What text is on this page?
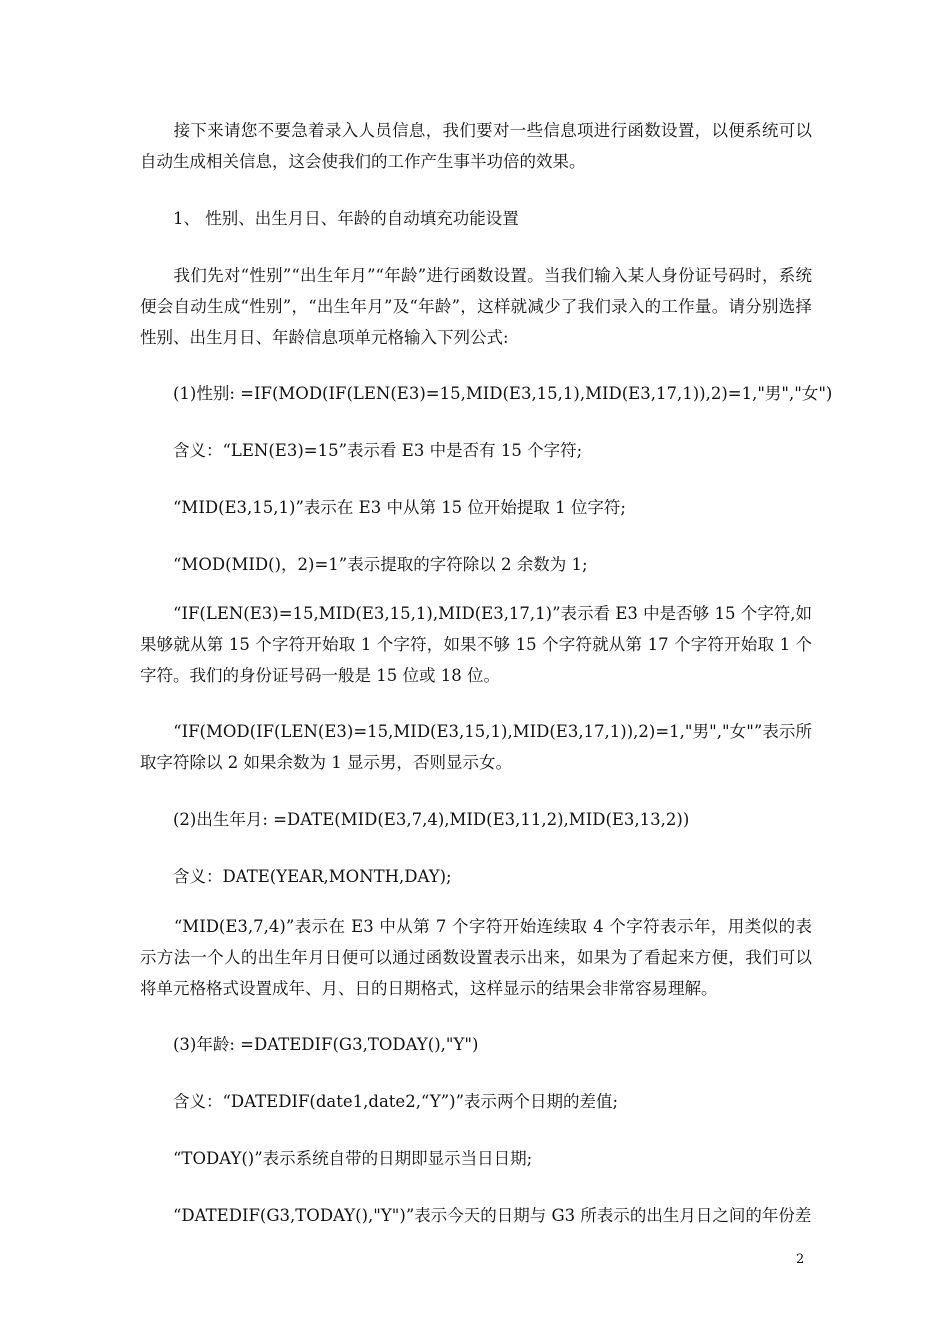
　　接下来请您不要急着录入人员信息，我们要对一些信息项进行函数设置，以便系统可以自动生成相关信息，这会使我们的工作产生事半功倍的效果。

　　1、 性别、出生月日、年龄的自动填充功能设置

　　我们先对“性别”“出生年月”“年龄”进行函数设置。当我们输入某人身份证号码时，系统便会自动生成“性别”，“出生年月”及“年龄”，这样就减少了我们录入的工作量。请分别选择性别、出生月日、年龄信息项单元格输入下列公式:

　　(1)性别: =IF(MOD(IF(LEN(E3)=15,MID(E3,15,1),MID(E3,17,1)),2)=1,"男","女")

　　含义：“LEN(E3)=15”表示看 E3 中是否有 15 个字符;

　　“MID(E3,15,1)”表示在 E3 中从第 15 位开始提取 1 位字符;

　　“MOD(MID()，2)=1”表示提取的字符除以 2 余数为 1;

　　“IF(LEN(E3)=15,MID(E3,15,1),MID(E3,17,1)”表示看 E3 中是否够 15 个字符,如果够就从第 15 个字符开始取 1 个字符，如果不够 15 个字符就从第 17 个字符开始取 1 个字符。我们的身份证号码一般是 15 位或 18 位。

　　“IF(MOD(IF(LEN(E3)=15,MID(E3,15,1),MID(E3,17,1)),2)=1,"男","女"”表示所取字符除以 2 如果余数为 1 显示男，否则显示女。

　　(2)出生年月: =DATE(MID(E3,7,4),MID(E3,11,2),MID(E3,13,2))

　　含义：DATE(YEAR,MONTH,DAY);

　　“MID(E3,7,4)”表示在 E3 中从第 7 个字符开始连续取 4 个字符表示年，用类似的表示方法一个人的出生年月日便可以通过函数设置表示出来，如果为了看起来方便，我们可以将单元格格式设置成年、月、日的日期格式，这样显示的结果会非常容易理解。

　　(3)年龄: =DATEDIF(G3,TODAY(),"Y")

　　含义：“DATEDIF(date1,date2,“Y”)”表示两个日期的差值;

　　“TODAY()”表示系统自带的日期即显示当日日期;

　　“DATEDIF(G3,TODAY(),"Y")”表示今天的日期与 G3 所表示的出生月日之间的年份差

2
